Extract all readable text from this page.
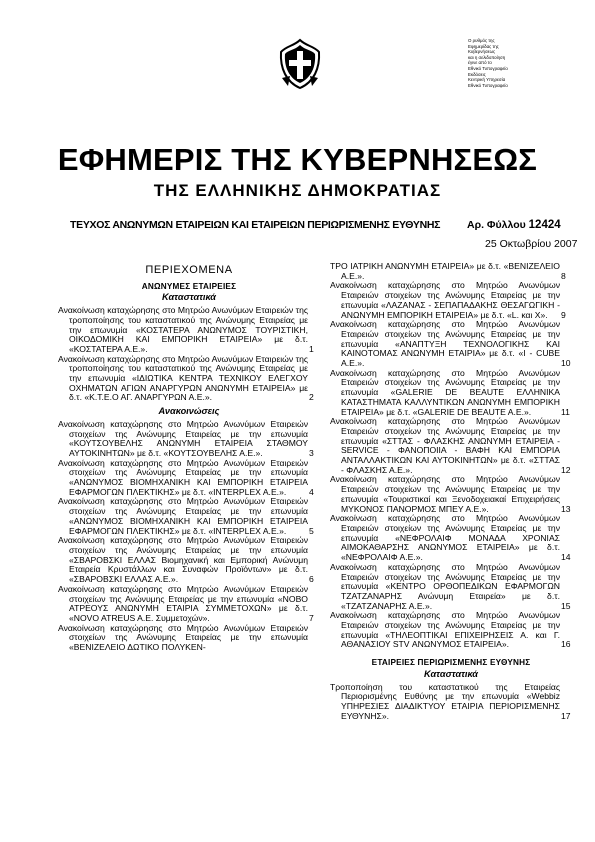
Ο ρυθμός της
Εφημερίδας της
Κυβερνήσεως
και η σελιδοποίηση
έγινε από το
Εθνικό Τυπογραφείο
Εκδόσεις
Κεντρική Υπηρεσία
Εθνικό Τυπογραφείο
ΕΦΗΜΕΡΙΣ ΤΗΣ ΚΥΒΕΡΝΗΣΕΩΣ
ΤΗΣ ΕΛΛΗΝΙΚΗΣ ΔΗΜΟΚΡΑΤΙΑΣ
ΤΕΥΧΟΣ ΑΝΩΝΥΜΩΝ ΕΤΑΙΡΕΙΩΝ ΚΑΙ ΕΤΑΙΡΕΙΩΝ ΠΕΡΙΩΡΙΣΜΕΝΗΣ ΕΥΘΥΝΗΣ	Αρ. Φύλλου 12424
25 Οκτωβρίου 2007
ΠΕΡΙΕΧΟΜΕΝΑ
ΑΝΩΝΥΜΕΣ ΕΤΑΙΡΕΙΕΣ
Καταστατικά
Ανακοίνωση καταχώρησης στο Μητρώο Ανωνύμων Εταιρειών της τροποποίησης του καταστατικού της Ανώνυμης Εταιρείας με την επωνυμία «ΚΟΣΤΑΤΕΡΑ ΑΝΩΝΥΜΟΣ ΤΟΥΡΙΣΤΙΚΗ, ΟΙΚΟΔΟΜΙΚΗ ΚΑΙ ΕΜΠΟΡΙΚΗ ΕΤΑΙΡΕΙΑ» με δ.τ. «ΚΟΣΤΑΤΕΡΑ Α.Ε.».	1
Ανακοίνωση καταχώρησης στο Μητρώο Ανωνύμων Εταιρειών της τροποποίησης του καταστατικού της Ανώνυμης Εταιρείας με την επωνυμία «ΙΔΙΩΤΙΚΑ ΚΕΝΤΡΑ ΤΕΧΝΙΚΟΥ ΕΛΕΓΧΟΥ ΟΧΗΜΑΤΩΝ ΑΓΙΩΝ ΑΝΑΡΓΥΡΩΝ ΑΝΩΝΥΜΗ ΕΤΑΙΡΕΙΑ» με δ.τ. «Κ.Τ.Ε.Ο ΑΓ. ΑΝΑΡΓΥΡΩΝ Α.Ε.».	2
Ανακοινώσεις
Ανακοίνωση καταχώρησης στο Μητρώο Ανωνύμων Εταιρειών στοιχείων της Ανώνυμης Εταιρείας με την επωνυμία «ΚΟΥΤΣΟΥΒΕΛΗΣ ΑΝΩΝΥΜΗ ΕΤΑΙΡΕΙΑ ΣΤΑΘΜΟΥ ΑΥΤΟΚΙΝΗΤΩΝ» με δ.τ. «ΚΟΥΤΣΟΥΒΕΛΗΣ Α.Ε.».	3
Ανακοίνωση καταχώρησης στο Μητρώο Ανωνύμων Εταιρειών στοιχείων της Ανώνυμης Εταιρείας με την επωνυμία «ΑΝΩΝΥΜΟΣ ΒΙΟΜΗΧΑΝΙΚΗ ΚΑΙ ΕΜΠΟΡΙΚΗ ΕΤΑΙΡΕΙΑ ΕΦΑΡΜΟΓΩΝ ΠΛΕΚΤΙΚΗΣ» με δ.τ. «INTERPLEX A.E.».	4
Ανακοίνωση καταχώρησης στο Μητρώο Ανωνύμων Εταιρειών στοιχείων της Ανώνυμης Εταιρείας με την επωνυμία «ΑΝΩΝΥΜΟΣ ΒΙΟΜΗΧΑΝΙΚΗ ΚΑΙ ΕΜΠΟΡΙΚΗ ΕΤΑΙΡΕΙΑ ΕΦΑΡΜΟΓΩΝ ΠΛΕΚΤΙΚΗΣ» με δ.τ. «INTERPLEX A.E.».	5
Ανακοίνωση καταχώρησης στο Μητρώο Ανωνύμων Εταιρειών στοιχείων της Ανώνυμης Εταιρείας με την επωνυμία «ΣΒΑΡΟΒΣΚΙ ΕΛΛΑΣ Βιομηχανική και Εμπορική Ανώνυμη Εταιρεία Κρυστάλλων και Συναφών Προϊόντων» με δ.τ. «ΣΒΑΡΟΒΣΚΙ ΕΛΛΑΣ Α.Ε.».	6
Ανακοίνωση καταχώρησης στο Μητρώο Ανωνύμων Εταιρειών στοιχείων της Ανώνυμης Εταιρείας με την επωνυμία «ΝΟΒΟ ΑΤΡΕΟΥΣ ΑΝΩΝΥΜΗ ΕΤΑΙΡΙΑ ΣΥΜΜΕΤΟΧΩΝ» με δ.τ. «NOVO ATREUS A.E. Συμμετοχών».	7
Ανακοίνωση καταχώρησης στο Μητρώο Ανωνύμων Εταιρειών στοιχείων της Ανώνυμης Εταιρείας με την επωνυμία «ΒΕΝΙΖΕΛΕΙΟ ΔΩΤΙΚΟ ΠΟΛΥΚΕΝ-
ΤΡΟ ΙΑΤΡΙΚΗ ΑΝΩΝΥΜΗ ΕΤΑΙΡΕΙΑ» με δ.τ. «ΒΕΝΙΖΕΛΕΙΟ Α.Ε.».	8
Ανακοίνωση καταχώρησης στο Μητρώο Ανωνύμων Εταιρειών στοιχείων της Ανώνυμης Εταιρείας με την επωνυμία «ΛΑΖΑΝΑΣ - ΣΕΠΑΠΑΔΑΚΗΣ ΘΕΣΑΓΩΓΙΚΗ - ΑΝΩΝΥΜΗ ΕΜΠΟΡΙΚΗ ΕΤΑΙΡΕΙΑ» με δ.τ. «L. και Χ». 9
Ανακοίνωση καταχώρησης στο Μητρώο Ανωνύμων Εταιρειών στοιχείων της Ανώνυμης Εταιρείας με την επωνυμία «ΑΝΑΠΤΥΞΗ ΤΕΧΝΟΛΟΓΙΚΗΣ ΚΑΙ ΚΑΙΝΟΤΟΜΑΣ ΑΝΩΝΥΜΗ ΕΤΑΙΡΙΑ» με δ.τ. «I - CUBE A.E.».	10
Ανακοίνωση καταχώρησης στο Μητρώο Ανωνύμων Εταιρειών στοιχείων της Ανώνυμης Εταιρείας με την επωνυμία «GALERIE DE BEAUTE ΕΛΛΗΝΙΚΑ ΚΑΤΑΣΤΗΜΑΤΑ ΚΑΛΛΥΝΤΙΚΩΝ ΑΝΩΝΥΜΗ ΕΜΠΟΡΙΚΗ ΕΤΑΙΡΕΙΑ» με δ.τ. «GALERIE DE BEAUTE A.E.».	11
Ανακοίνωση καταχώρησης στο Μητρώο Ανωνύμων Εταιρειών στοιχείων της Ανώνυμης Εταιρείας με την επωνυμία «ΣΤΤΑΣ - ΦΛΑΣΚΗΣ ΑΝΩΝΥΜΗ ΕΤΑΙΡΕΙΑ - SERVICE - ΦΑΝΟΠΟΙΙΑ - ΒΑΦΗ ΚΑΙ ΕΜΠΟΡΙΑ ΑΝΤΑΛΛΑΚΤΙΚΩΝ ΚΑΙ ΑΥΤΟΚΙΝΗΤΩΝ» με δ.τ. «ΣΤΤΑΣ - ΦΛΑΣΚΗΣ Α.Ε.».	12
Ανακοίνωση καταχώρησης στο Μητρώο Ανωνύμων Εταιρειών στοιχείων της Ανώνυμης Εταιρείας με την επωνυμία «Τουριστικαί και Ξενοδοχειακαί Επιχειρήσεις ΜΥΚΟΝΟΣ ΠΑΝΟΡΜΟΣ ΜΠΕΥ Α.Ε.».	13
Ανακοίνωση καταχώρησης στο Μητρώο Ανωνύμων Εταιρειών στοιχείων της Ανώνυμης Εταιρείας με την επωνυμία «ΝΕΦΡΟΛΑΙΦ ΜΟΝΑΔΑ ΧΡΟΝΙΑΣ ΑΙΜΟΚΑΘΑΡΣΗΣ ΑΝΩΝΥΜΟΣ ΕΤΑΙΡΕΙΑ» με δ.τ. «ΝΕΦΡΟΛΑΙΦ Α.Ε.».	14
Ανακοίνωση καταχώρησης στο Μητρώο Ανωνύμων Εταιρειών στοιχείων της Ανώνυμης Εταιρείας με την επωνυμία «ΚΕΝΤΡΟ ΟΡΘΟΠΕΔΙΚΩΝ ΕΦΑΡΜΟΓΩΝ ΤΖΑΤΖΑΝΑΡΗΣ Ανώνυμη Εταιρεία» με δ.τ. «ΤΖΑΤΖΑΝΑΡΗΣ Α.Ε.».	15
Ανακοίνωση καταχώρησης στο Μητρώο Ανωνύμων Εταιρειών στοιχείων της Ανώνυμης Εταιρείας με την επωνυμία «ΤΗΛΕΟΠΤΙΚΑΙ ΕΠΙΧΕΙΡΗΣΕΙΣ Α. και Γ. ΑΘΑΝΑΣΙΟΥ STV ΑΝΩΝΥΜΟΣ ΕΤΑΙΡΕΙΑ».	16
ΕΤΑΙΡΕΙΕΣ ΠΕΡΙΩΡΙΣΜΕΝΗΣ ΕΥΘΥΝΗΣ
Καταστατικά
Τροποποίηση του καταστατικού της Εταιρείας Περιορισμένης Ευθύνης με την επωνυμία «Webbiz ΥΠΗΡΕΣΙΕΣ ΔΙΑΔΙΚΤΥΟΥ ΕΤΑΙΡΙΑ ΠΕΡΙΟΡΙΣΜΕΝΗΣ ΕΥΘΥΝΗΣ».	17
